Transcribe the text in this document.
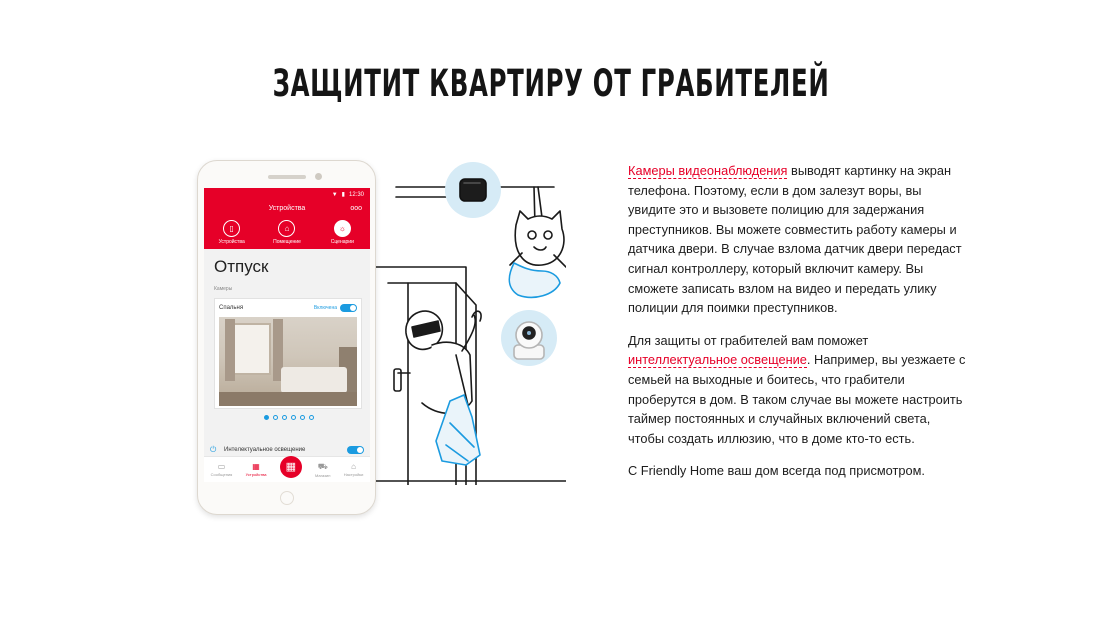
ЗАЩИТИТ КВАРТИРУ ОТ ГРАБИТЕЛЕЙ
▼ ▮ 12:30
Устройства	ooo
▯
Устройства
⌂
Помещение
☼
Сценарии
Отпуск
Камеры
Спальня	Включена
⏻	Интелектуальное освещение
▭
Сообщения
▦
Устройства
▦	⛟
Магазин
⌂
Настройки

Камеры видеонаблюдения выводят картинку на экран телефона. Поэтому, если в дом залезут воры, вы увидите это и вызовете полицию для задержания преступников. Вы можете совместить работу камеры и датчика двери. В случае взлома датчик двери передаст сигнал контроллеру, который включит камеру. Вы сможете записать взлом на видео и передать улику полиции для поимки преступников.

Для защиты от грабителей вам поможет интеллектуальное освещение. Например, вы уезжаете с семьей на выходные и боитесь, что грабители проберутся в дом. В таком случае вы можете настроить таймер постоянных и случайных включений света, чтобы создать иллюзию, что в доме кто-то есть.

С Friendly Home ваш дом всегда под присмотром.
